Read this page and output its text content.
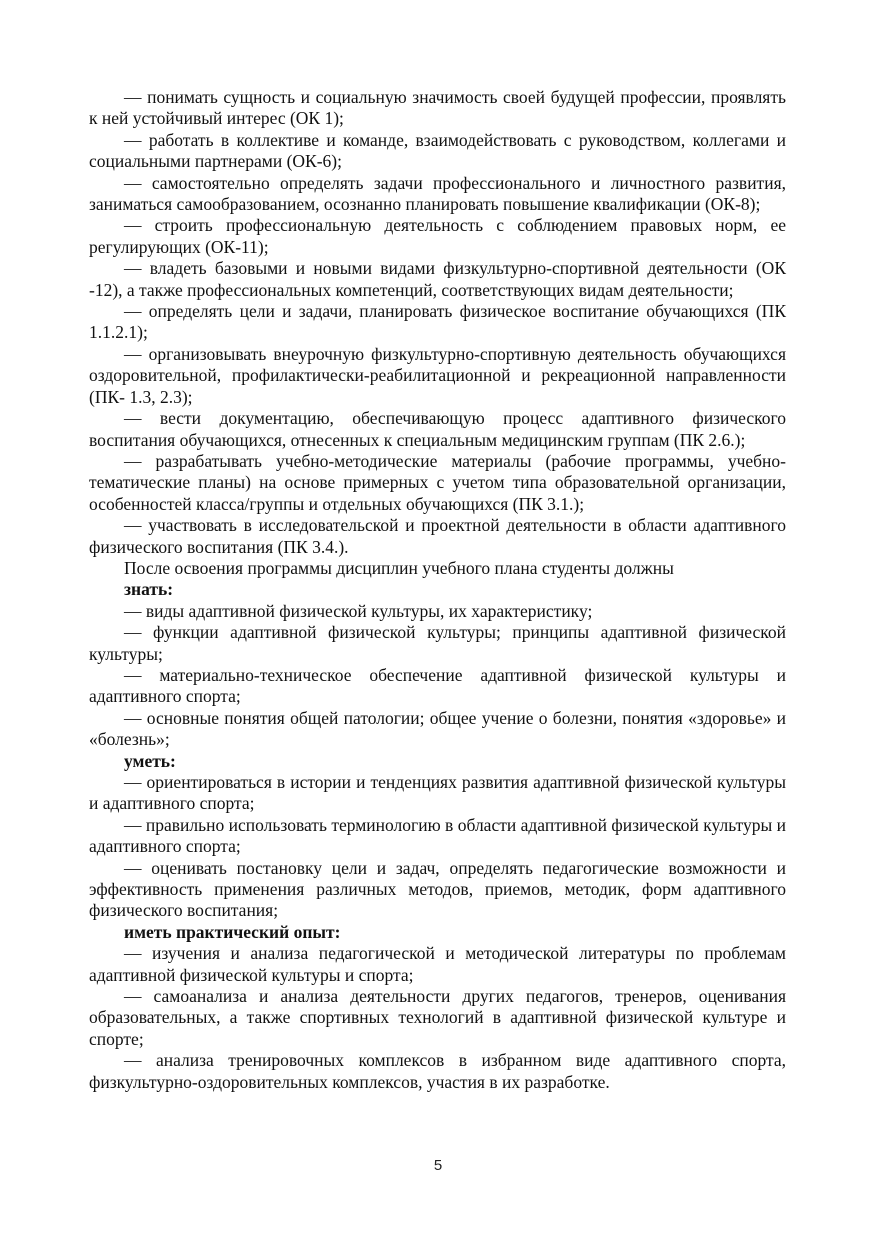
— понимать сущность и социальную значимость своей будущей профессии, проявлять к ней устойчивый интерес (ОК 1);

— работать в коллективе и команде, взаимодействовать с руководством, коллегами и социальными партнерами (ОК-6);

— самостоятельно определять задачи профессионального и личностного развития, заниматься самообразованием, осознанно планировать повышение квалификации (ОК-8);

— строить профессиональную деятельность с соблюдением правовых норм, ее регулирующих (ОК-11);

— владеть базовыми и новыми видами физкультурно-спортивной деятельности (ОК -12), а также профессиональных компетенций, соответствующих видам деятельности;

— определять цели и задачи, планировать физическое воспитание обучающихся (ПК 1.1.2.1);

— организовывать внеурочную физкультурно-спортивную деятельность обучающихся оздоровительной, профилактически-реабилитационной и рекреационной направленности (ПК- 1.3, 2.3);

— вести документацию, обеспечивающую процесс адаптивного физического воспитания обучающихся, отнесенных к специальным медицинским группам (ПК 2.6.);

— разрабатывать учебно-методические материалы (рабочие программы, учебно-тематические планы) на основе примерных с учетом типа образовательной организации, особенностей класса/группы и отдельных обучающихся (ПК 3.1.);

— участвовать в исследовательской и проектной деятельности в области адаптивного физического воспитания (ПК 3.4.).

После освоения программы дисциплин учебного плана студенты должны

знать:

— виды адаптивной физической культуры, их характеристику;

— функции адаптивной физической культуры; принципы адаптивной физической культуры;

— материально-техническое обеспечение адаптивной физической культуры и адаптивного спорта;

— основные понятия общей патологии; общее учение о болезни, понятия «здоровье» и «болезнь»;

уметь:

— ориентироваться в истории и тенденциях развития адаптивной физической культуры и адаптивного спорта;

— правильно использовать терминологию в области адаптивной физической культуры и адаптивного спорта;

— оценивать постановку цели и задач, определять педагогические возможности и эффективность применения различных методов, приемов, методик, форм адаптивного физического воспитания;

иметь практический опыт:

— изучения и анализа педагогической и методической литературы по проблемам адаптивной физической культуры и спорта;

— самоанализа и анализа деятельности других педагогов, тренеров, оценивания образовательных, а также спортивных технологий в адаптивной физической культуре и спорте;

— анализа тренировочных комплексов в избранном виде адаптивного спорта, физкультурно-оздоровительных комплексов, участия в их разработке.

5
